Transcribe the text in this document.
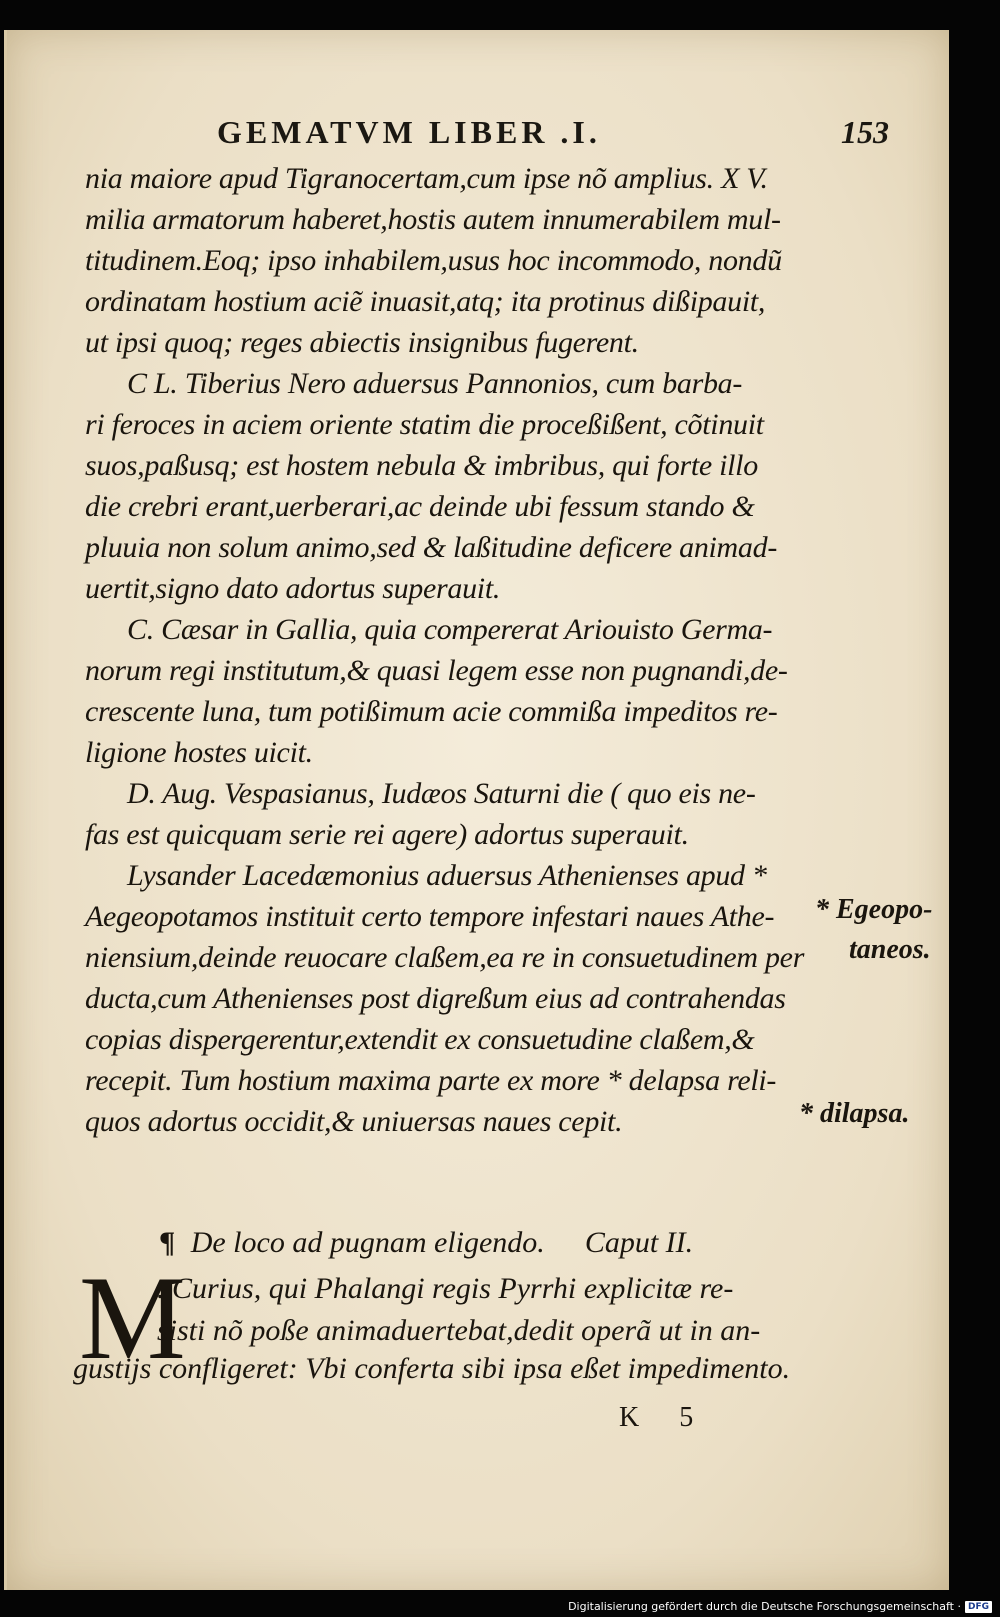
GEMATVM LIBER .I.	153
nia maiore apud Tigranocertam,cum ipse nõ amplius. X V.
milia armatorum haberet,hostis autem innumerabilem mul-
titudinem.Eoq; ipso inhabilem,usus hoc incommodo, nondũ
ordinatam hostium aciẽ inuasit,atq; ita protinus dißipauit,
ut ipsi quoq; reges abiectis insignibus fugerent.
C L. Tiberius Nero aduersus Pannonios, cum barba-
ri feroces in aciem oriente statim die proceßißent, cõtinuit
suos,paßusq; est hostem nebula & imbribus, qui forte illo
die crebri erant,uerberari,ac deinde ubi fessum stando &
pluuia non solum animo,sed & laßitudine deficere animad-
uertit,signo dato adortus superauit.
C. Cæsar in Gallia, quia compererat Ariouisto Germa-
norum regi institutum,& quasi legem esse non pugnandi,de-
crescente luna, tum potißimum acie commißa impeditos re-
ligione hostes uicit.
D. Aug. Vespasianus, Iudæos Saturni die ( quo eis ne-
fas est quicquam serie rei agere) adortus superauit.
Lysander Lacedæmonius aduersus Athenienses apud *
Aegeopotamos instituit certo tempore infestari naues Athe-
niensium,deinde reuocare claßem,ea re in consuetudinem per
ducta,cum Athenienses post digreßum eius ad contrahendas
copias dispergerentur,extendit ex consuetudine claßem,&
recepit. Tum hostium maxima parte ex more * delapsa reli-
quos adortus occidit,& uniuersas naues cepit.
* Egeopo-
taneos.
* dilapsa.
¶ De loco ad pugnam eligendo. Caput II.
M
. Curius, qui Phalangi regis Pyrrhi explicitæ re-
sisti nõ poße animaduertebat,dedit operã ut in an-
gustijs confligeret: Vbi conferta sibi ipsa eßet impedimento.
K 5
Digitalisierung gefördert durch die Deutsche Forschungsgemeinschaft · DFG
